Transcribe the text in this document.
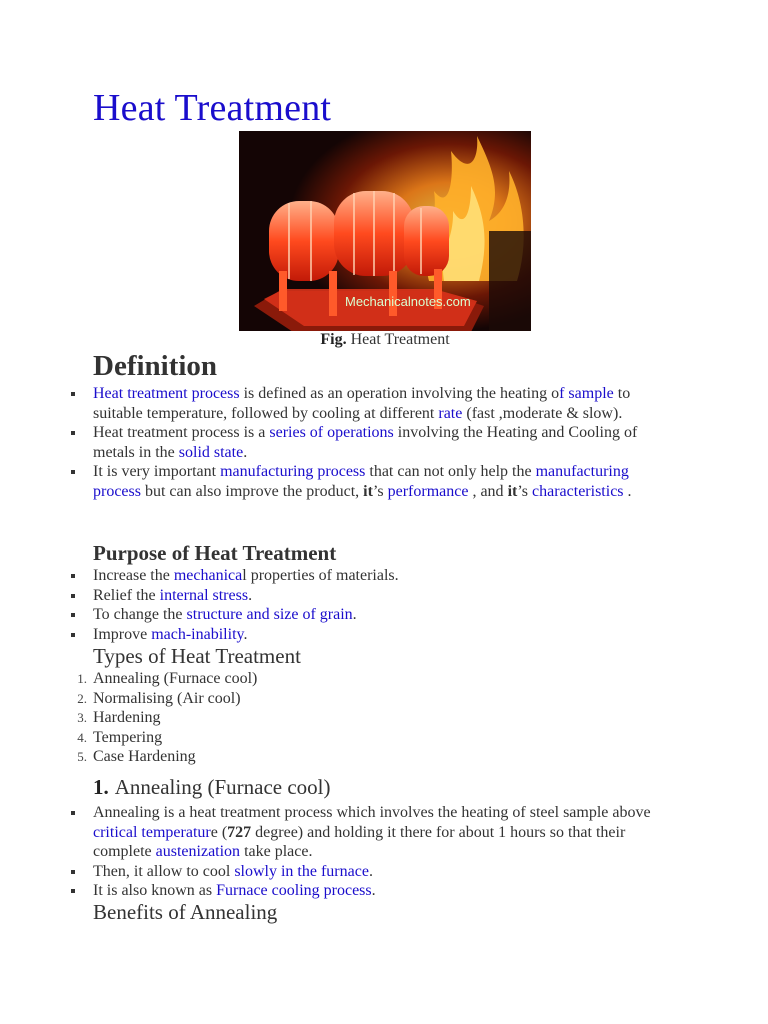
Heat Treatment
Mechanicalnotes.com
Fig. Heat Treatment
Definition
Heat treatment process is defined as an operation involving the heating of sample to suitable temperature, followed by cooling at different rate (fast ,moderate & slow).
Heat treatment process is a series of operations involving the Heating and Cooling of metals in the solid state.
It is very important manufacturing process that can not only help the manufacturing process but can also improve the product, it’s performance , and it’s characteristics .
Purpose of Heat Treatment
Increase the mechanical properties of materials.
Relief the internal stress.
To change the structure and size of grain.
Improve mach-inability.
Types of Heat Treatment
1. Annealing (Furnace cool)
2. Normalising (Air cool)
3. Hardening
4. Tempering
5. Case Hardening
1. Annealing (Furnace cool)
Annealing is a heat treatment process which involves the heating of steel sample above critical temperature (727 degree) and holding it there for about 1 hours so that their complete austenization take place.
Then, it allow to cool slowly in the furnace.
It is also known as Furnace cooling process.
Benefits of Annealing
